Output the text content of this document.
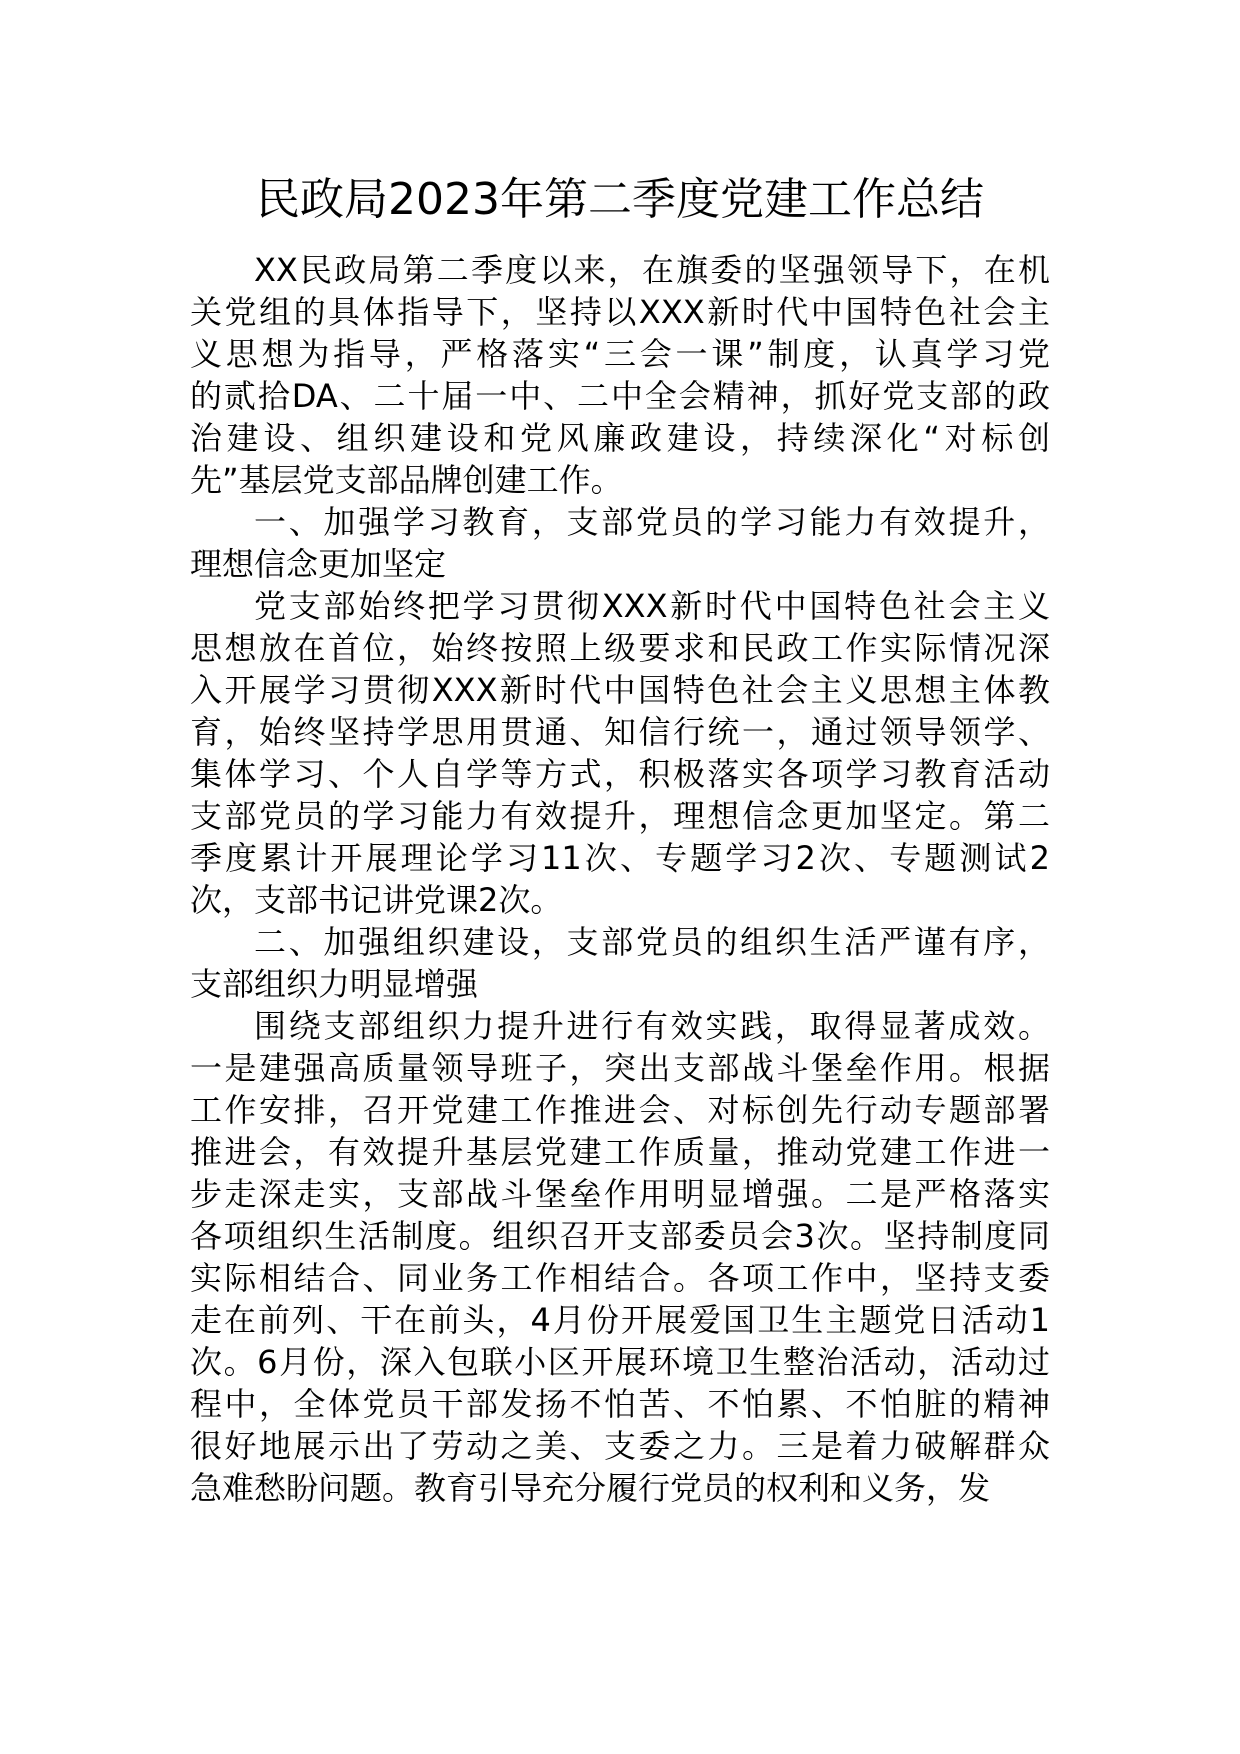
民政局2023年第二季度党建工作总结
XX民政局第二季度以来，在旗委的坚强领导下，在机
关党组的具体指导下，坚持以XXX新时代中国特色社会主
义思想为指导，严格落实“三会一课”制度，认真学习党
的贰拾DA、二十届一中、二中全会精神，抓好党支部的政
治建设、组织建设和党风廉政建设，持续深化“对标创
先”基层党支部品牌创建工作。
一、加强学习教育，支部党员的学习能力有效提升，
理想信念更加坚定
党支部始终把学习贯彻XXX新时代中国特色社会主义
思想放在首位，始终按照上级要求和民政工作实际情况深
入开展学习贯彻XXX新时代中国特色社会主义思想主体教
育，始终坚持学思用贯通、知信行统一，通过领导领学、
集体学习、个人自学等方式，积极落实各项学习教育活动
支部党员的学习能力有效提升，理想信念更加坚定。第二
季度累计开展理论学习11次、专题学习2次、专题测试2
次，支部书记讲党课2次。
二、加强组织建设，支部党员的组织生活严谨有序，
支部组织力明显增强
围绕支部组织力提升进行有效实践，取得显著成效。
一是建强高质量领导班子，突出支部战斗堡垒作用。根据
工作安排，召开党建工作推进会、对标创先行动专题部署
推进会，有效提升基层党建工作质量，推动党建工作进一
步走深走实，支部战斗堡垒作用明显增强。二是严格落实
各项组织生活制度。组织召开支部委员会3次。坚持制度同
实际相结合、同业务工作相结合。各项工作中，坚持支委
走在前列、干在前头，4月份开展爱国卫生主题党日活动1
次。6月份，深入包联小区开展环境卫生整治活动，活动过
程中，全体党员干部发扬不怕苦、不怕累、不怕脏的精神
很好地展示出了劳动之美、支委之力。三是着力破解群众
急难愁盼问题。教育引导充分履行党员的权利和义务，发
